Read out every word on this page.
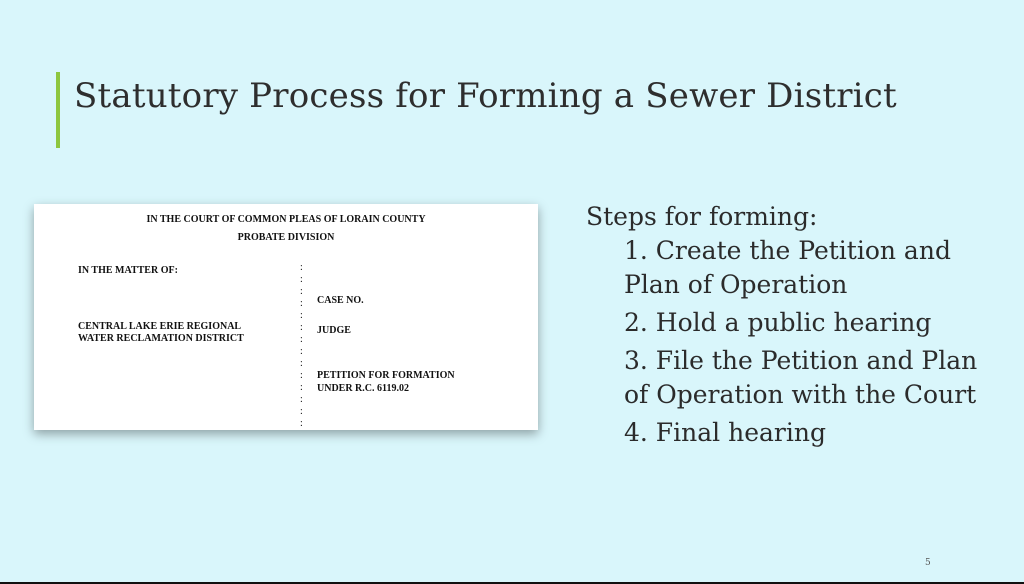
Statutory Process for Forming a Sewer District
IN THE COURT OF COMMON PLEAS OF LORAIN COUNTY
PROBATE DIVISION
IN THE MATTER OF:
CENTRAL LAKE ERIE REGIONAL
WATER RECLAMATION DISTRICT
:
:
:
:
:
:
:
:
:
:
:
:
:
:
CASE NO.
JUDGE
PETITION FOR FORMATION
UNDER R.C. 6119.02
Steps for forming:
1. Create the Petition and Plan of Operation
2. Hold a public hearing
3. File the Petition and Plan of Operation with the Court
4. Final hearing
5
